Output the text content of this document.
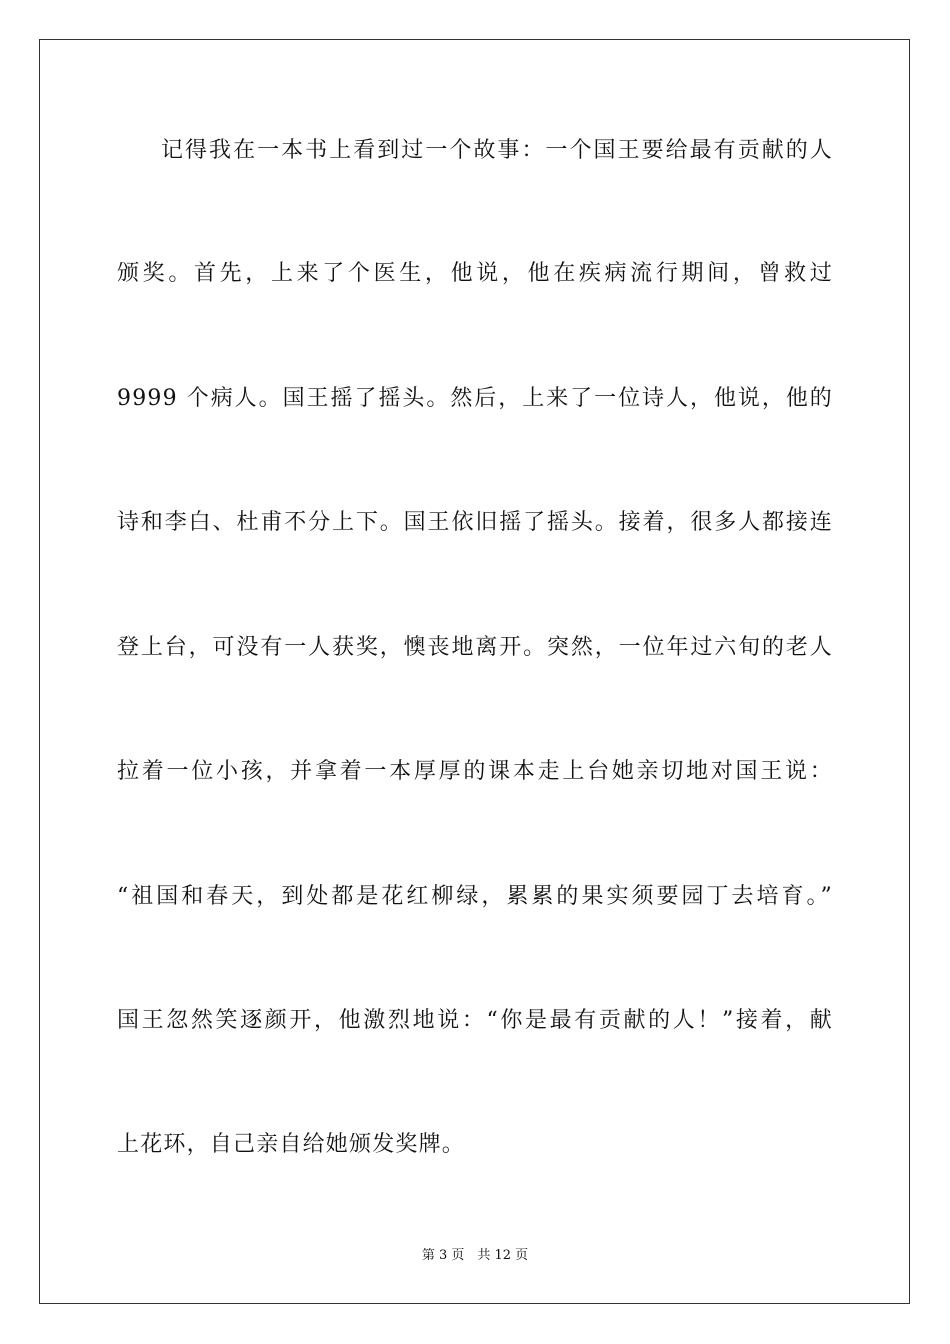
记得我在一本书上看到过一个故事：一个国王要给最有贡献的人
颁奖。首先，上来了个医生，他说，他在疾病流行期间，曾救过
9999 个病人。国王摇了摇头。然后，上来了一位诗人，他说，他的
诗和李白、杜甫不分上下。国王依旧摇了摇头。接着，很多人都接连
登上台，可没有一人获奖，懊丧地离开。突然，一位年过六旬的老人
拉着一位小孩，并拿着一本厚厚的课本走上台她亲切地对国王说：
“祖国和春天，到处都是花红柳绿，累累的果实须要园丁去培育。”
国王忽然笑逐颜开，他激烈地说：“你是最有贡献的人！”接着，献
上花环，自己亲自给她颁发奖牌。
第 3 页　共 12 页
